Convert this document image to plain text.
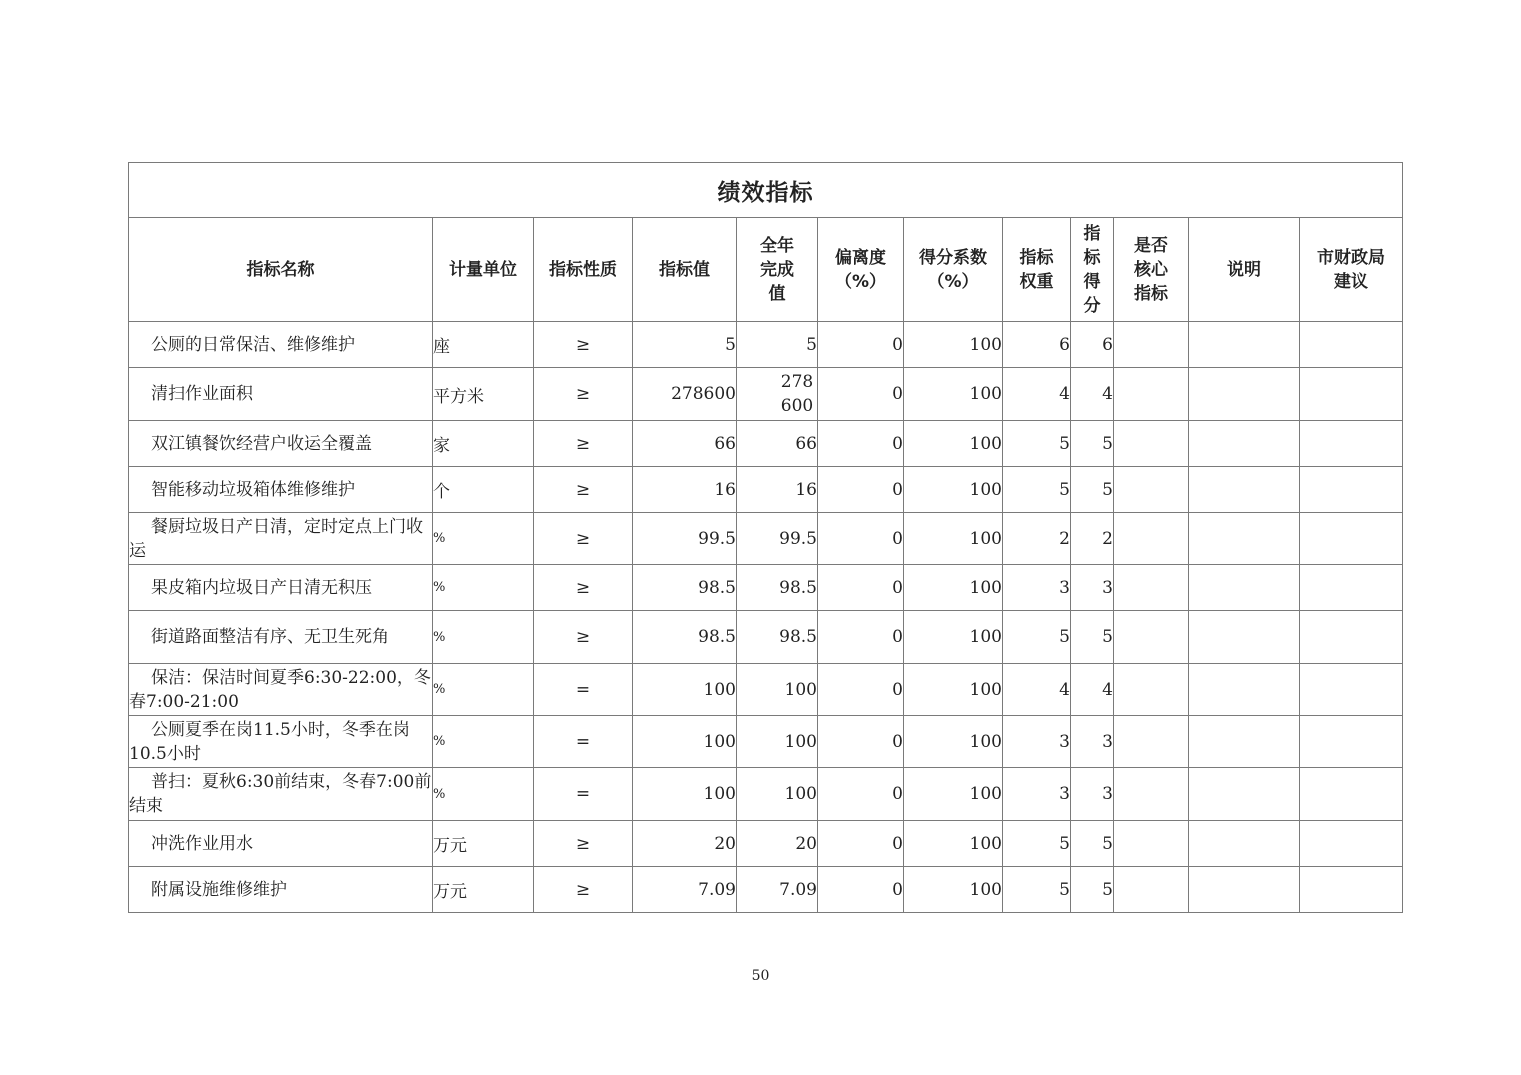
绩效指标											
指标名称	计量单位	指标性质	指标值	全年完成值	偏离度（%）	得分系数（%）	指标权重	指标得分	是否核心指标	说明	市财政局建议

公厕的日常保洁、维修维护	座	≥	5	5	0	100	6	6			
清扫作业面积	平方米	≥	278600	278600	0	100	4	4			
双江镇餐饮经营户收运全覆盖	家	≥	66	66	0	100	5	5			
智能移动垃圾箱体维修维护	个	≥	16	16	0	100	5	5			
餐厨垃圾日产日清，定时定点上门收运	%	≥	99.5	99.5	0	100	2	2			
果皮箱内垃圾日产日清无积压	%	≥	98.5	98.5	0	100	3	3			
街道路面整洁有序、无卫生死角	%	≥	98.5	98.5	0	100	5	5			
保洁：保洁时间夏季6:30-22:00，冬春7:00-21:00	%	=	100	100	0	100	4	4			
公厕夏季在岗11.5小时，冬季在岗10.5小时	%	=	100	100	0	100	3	3			
普扫：夏秋6:30前结束，冬春7:00前结束	%	=	100	100	0	100	3	3			
冲洗作业用水	万元	≥	20	20	0	100	5	5			
附属设施维修维护	万元	≥	7.09	7.09	0	100	5	5			
50
